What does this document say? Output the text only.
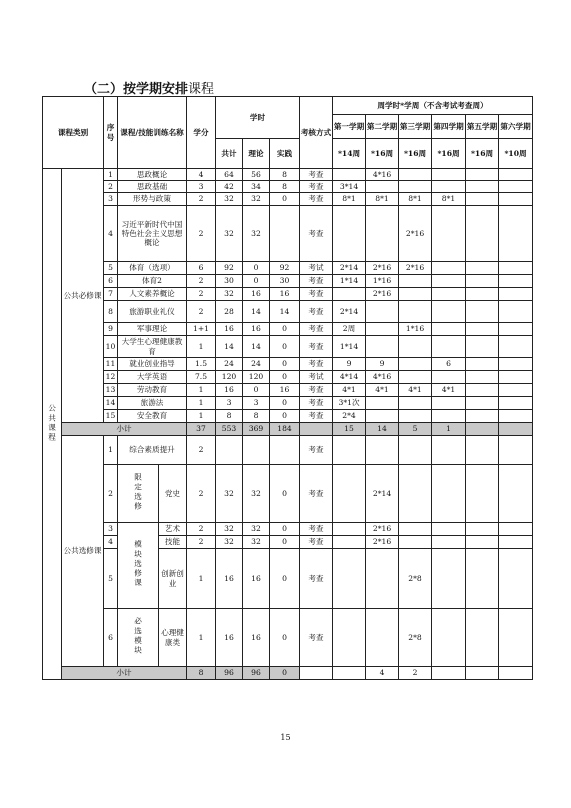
（二）按学期安排课程
课程类别		序号	课程/技能训练名称		学分	学时			考核方式	周学时*学周（不含考试考查周）					
										第一学期	第二学期	第三学期	第四学期	第五学期	第六学期
						共计	理论	实践		*14周	*16周	*16周	*16周	*16周	*10周
公共课程	公共必修课	1	思政概论		4	64	56	8	考查		4*16				
		2	思政基础		3	42	34	8	考查	3*14					
		3	形势与政策		2	32	32	0	考查	8*1	8*1	8*1	8*1		
		4	习近平新时代中国特色社会主义思想概论		2	32	32		考查			2*16			
		5	体育（选项）		6	92	0	92	考试	2*14	2*16	2*16			
		6	体育2		2	30	0	30	考查	1*14	1*16				
		7	人文素养概论		2	32	16	16	考查		2*16				
		8	旅游职业礼仪		2	28	14	14	考查	2*14					
		9	军事理论		1+1	16	16	0	考查	2周		1*16			
		10	大学生心理健康教育		1	14	14	0	考查	1*14					
		11	就业创业指导		1.5	24	24	0	考查	9	9		6		
		12	大学英语		7.5	120	120	0	考试	4*14	4*16				
		13	劳动教育		1	16	0	16	考查	4*1	4*1	4*1	4*1		
		14	旅游法		1	3	3	0	考查	3*1次					
		15	安全教育		1	8	8	0	考查	2*4					
	小计				37	553	369	184		15	14	5	1		
	公共选修课	1	综合素质提升		2				考查						
		2	限定选修	党史	2	32	32	0	考查		2*14				
		3	模块选修课	艺术	2	32	32	0	考查		2*16				
		4		技能	2	32	32	0	考查		2*16				
		5		创新创业	1	16	16	0	考查			2*8			
		6	必选模块	心理健康类	1	16	16	0	考查			2*8			
	小计				8	96	96	0			4	2			
15
